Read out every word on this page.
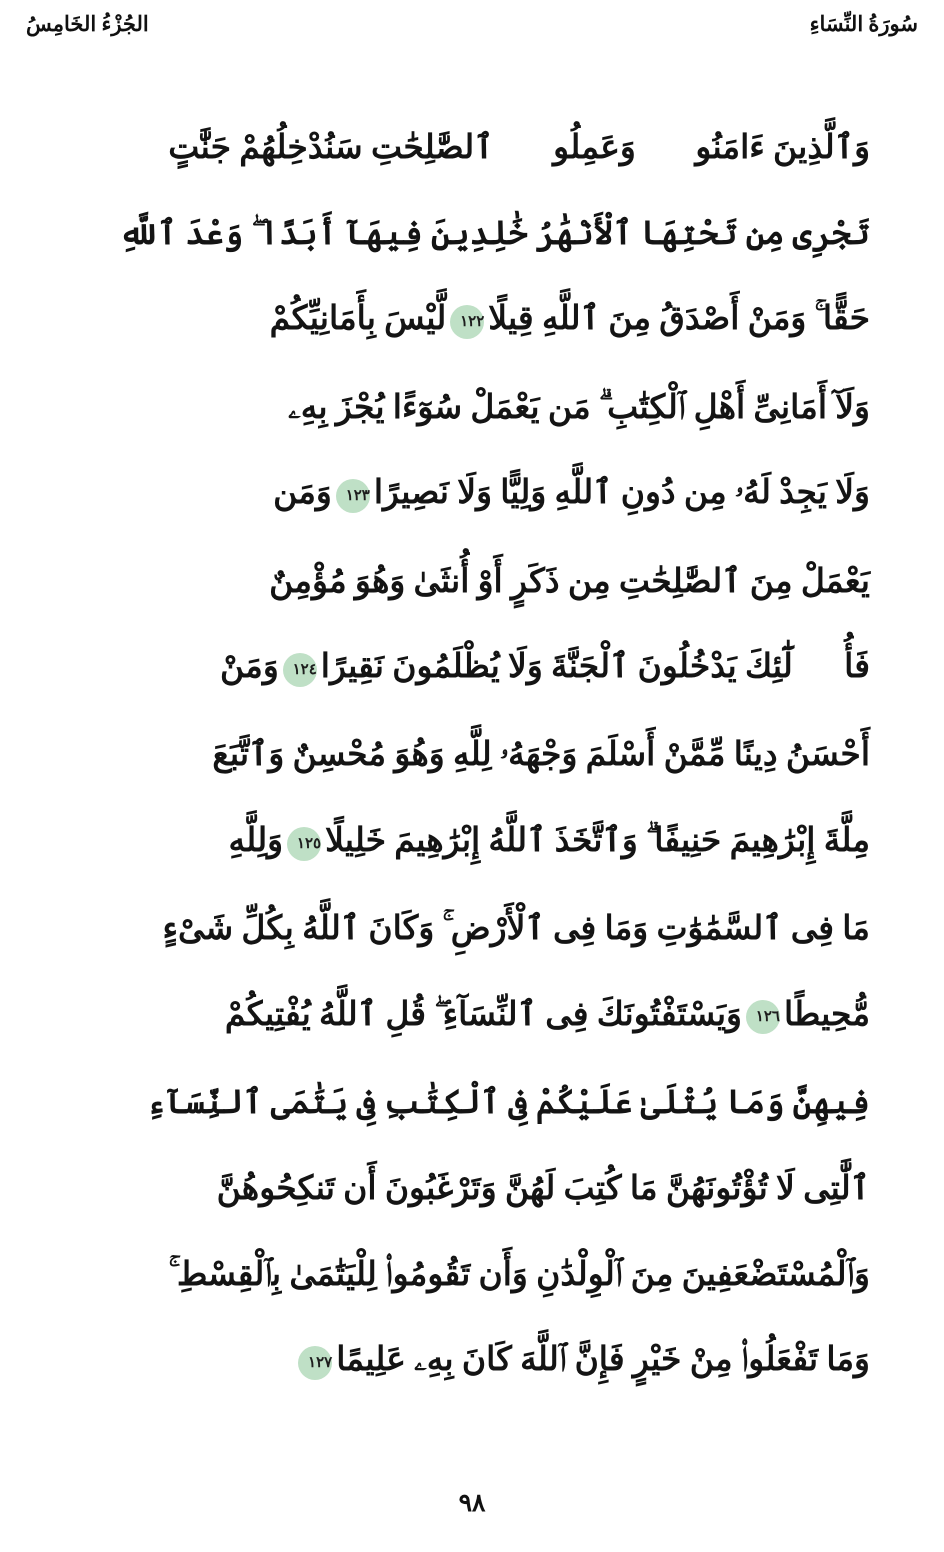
الجُزْءُ الخَامِسُ	سُورَةُ النِّسَاءِ
وَٱلَّذِينَ ءَامَنُوا۟ وَعَمِلُوا۟ ٱلصَّٰلِحَٰتِ سَنُدْخِلُهُمْ جَنَّٰتٍ
تَجْرِى مِن تَحْتِهَا ٱلْأَنْهَٰرُ خَٰلِدِينَ فِيهَآ أَبَدًا ۖ وَعْدَ ٱللَّهِ
حَقًّا ۚ وَمَنْ أَصْدَقُ مِنَ ٱللَّهِ قِيلًا١٢٢لَّيْسَ بِأَمَانِيِّكُمْ
وَلَآ أَمَانِىِّ أَهْلِ ٱلْكِتَٰبِ ۗ مَن يَعْمَلْ سُوٓءًا يُجْزَ بِهِۦ
وَلَا يَجِدْ لَهُۥ مِن دُونِ ٱللَّهِ وَلِيًّا وَلَا نَصِيرًا١٢٣وَمَن
يَعْمَلْ مِنَ ٱلصَّٰلِحَٰتِ مِن ذَكَرٍ أَوْ أُنثَىٰ وَهُوَ مُؤْمِنٌ
فَأُو۟لَٰٓئِكَ يَدْخُلُونَ ٱلْجَنَّةَ وَلَا يُظْلَمُونَ نَقِيرًا١٢٤وَمَنْ
أَحْسَنُ دِينًا مِّمَّنْ أَسْلَمَ وَجْهَهُۥ لِلَّهِ وَهُوَ مُحْسِنٌ وَٱتَّبَعَ
مِلَّةَ إِبْرَٰهِيمَ حَنِيفًا ۗ وَٱتَّخَذَ ٱللَّهُ إِبْرَٰهِيمَ خَلِيلًا١٢٥وَلِلَّهِ
مَا فِى ٱلسَّمَٰوَٰتِ وَمَا فِى ٱلْأَرْضِ ۚ وَكَانَ ٱللَّهُ بِكُلِّ شَىْءٍ
مُّحِيطًا١٢٦وَيَسْتَفْتُونَكَ فِى ٱلنِّسَآءِ ۖ قُلِ ٱللَّهُ يُفْتِيكُمْ
فِيهِنَّ وَمَا يُتْلَىٰ عَلَيْكُمْ فِى ٱلْكِتَٰبِ فِى يَتَٰمَى ٱلنِّسَآءِ
ٱلَّٰتِى لَا تُؤْتُونَهُنَّ مَا كُتِبَ لَهُنَّ وَتَرْغَبُونَ أَن تَنكِحُوهُنَّ
وَٱلْمُسْتَضْعَفِينَ مِنَ ٱلْوِلْدَٰنِ وَأَن تَقُومُوا۟ لِلْيَتَٰمَىٰ بِٱلْقِسْطِ ۚ
وَمَا تَفْعَلُوا۟ مِنْ خَيْرٍ فَإِنَّ ٱللَّهَ كَانَ بِهِۦ عَلِيمًا١٢٧
٩٨
